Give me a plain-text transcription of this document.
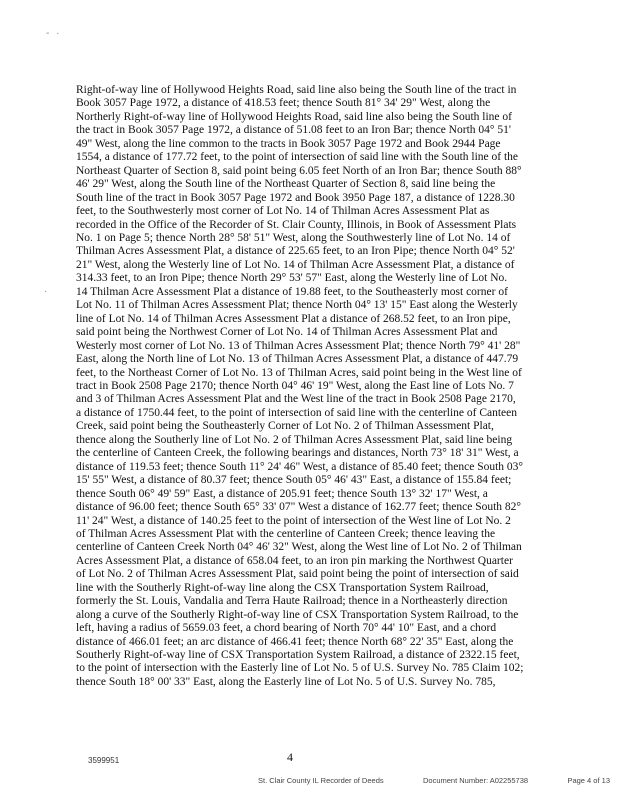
- ·
·
Right-of-way line of Hollywood Heights Road, said line also being the South line of the tract in
Book 3057 Page 1972, a distance of 418.53 feet; thence South 81° 34' 29" West, along the
Northerly Right-of-way line of Hollywood Heights Road, said line also being the South line of
the tract in Book 3057 Page 1972, a distance of 51.08 feet to an Iron Bar; thence North 04° 51'
49" West, along the line common to the tracts in Book 3057 Page 1972 and Book 2944 Page
1554, a distance of 177.72 feet, to the point of intersection of said line with the South line of the
Northeast Quarter of Section 8, said point being 6.05 feet North of an Iron Bar; thence South 88°
46' 29" West, along the South line of the Northeast Quarter of Section 8, said line being the
South line of the tract in Book 3057 Page 1972 and Book 3950 Page 187, a distance of 1228.30
feet, to the Southwesterly most corner of Lot No. 14 of Thilman Acres Assessment Plat as
recorded in the Office of the Recorder of St. Clair County, Illinois, in Book of Assessment Plats
No. 1 on Page 5; thence North 28° 58' 51" West, along the Southwesterly line of Lot No. 14 of
Thilman Acres Assessment Plat, a distance of 225.65 feet, to an Iron Pipe; thence North 04° 52'
21" West, along the Westerly line of Lot No. 14 of Thilman Acre Assessment Plat, a distance of
314.33 feet, to an Iron Pipe; thence North 29° 53' 57" East, along the Westerly line of Lot No.
14 Thilman Acre Assessment Plat a distance of 19.88 feet, to the Southeasterly most corner of
Lot No. 11 of Thilman Acres Assessment Plat; thence North 04° 13' 15" East along the Westerly
line of Lot No. 14 of Thilman Acres Assessment Plat a distance of 268.52 feet, to an Iron pipe,
said point being the Northwest Corner of Lot No. 14 of Thilman Acres Assessment Plat and
Westerly most corner of Lot No. 13 of Thilman Acres Assessment Plat; thence North 79° 41' 28"
East, along the North line of Lot No. 13 of Thilman Acres Assessment Plat, a distance of 447.79
feet, to the Northeast Corner of Lot No. 13 of Thilman Acres, said point being in the West line of
tract in Book 2508 Page 2170; thence North 04° 46' 19" West, along the East line of Lots No. 7
and 3 of Thilman Acres Assessment Plat and the West line of the tract in Book 2508 Page 2170,
a distance of 1750.44 feet, to the point of intersection of said line with the centerline of Canteen
Creek, said point being the Southeasterly Corner of Lot No. 2 of Thilman Assessment Plat,
thence along the Southerly line of Lot No. 2 of Thilman Acres Assessment Plat, said line being
the centerline of Canteen Creek, the following bearings and distances, North 73° 18' 31" West, a
distance of 119.53 feet; thence South 11° 24' 46" West, a distance of 85.40 feet; thence South 03°
15' 55" West, a distance of 80.37 feet; thence South 05° 46' 43" East, a distance of 155.84 feet;
thence South 06° 49' 59" East, a distance of 205.91 feet; thence South 13° 32' 17" West, a
distance of 96.00 feet; thence South 65° 33' 07" West a distance of 162.77 feet; thence South 82°
11' 24" West, a distance of 140.25 feet to the point of intersection of the West line of Lot No. 2
of Thilman Acres Assessment Plat with the centerline of Canteen Creek; thence leaving the
centerline of Canteen Creek North 04° 46' 32" West, along the West line of Lot No. 2 of Thilman
Acres Assessment Plat, a distance of 658.04 feet, to an iron pin marking the Northwest Quarter
of Lot No. 2 of Thilman Acres Assessment Plat, said point being the point of intersection of said
line with the Southerly Right-of-way line along the CSX Transportation System Railroad,
formerly the St. Louis, Vandalia and Terra Haute Railroad; thence in a Northeasterly direction
along a curve of the Southerly Right-of-way line of CSX Transportation System Railroad, to the
left, having a radius of 5659.03 feet, a chord bearing of North 70° 44' 10" East, and a chord
distance of 466.01 feet; an arc distance of 466.41 feet; thence North 68° 22' 35" East, along the
Southerly Right-of-way line of CSX Transportation System Railroad, a distance of 2322.15 feet,
to the point of intersection with the Easterly line of Lot No. 5 of U.S. Survey No. 785 Claim 102;
thence South 18° 00' 33" East, along the Easterly line of Lot No. 5 of U.S. Survey No. 785,
3599951	4
St. Clair County IL Recorder of Deeds	Document Number: A02255738	Page 4 of 13
